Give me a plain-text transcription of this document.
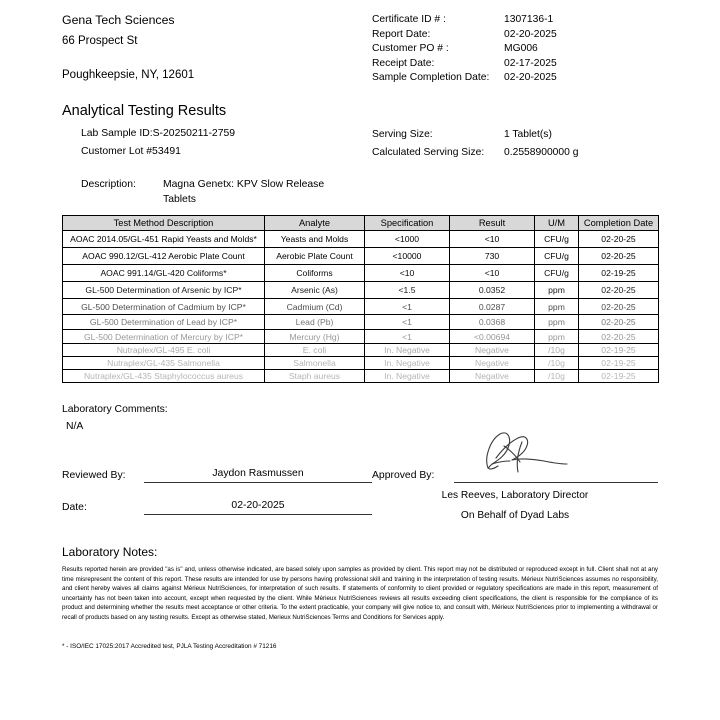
Gena Tech Sciences
66 Prospect St
Poughkeepsie, NY, 12601
Certificate ID # :	1307136-1
Report Date:	02-20-2025
Customer PO # :	MG006
Receipt Date:	02-17-2025
Sample Completion Date:	02-20-2025
Analytical Testing Results
Lab Sample ID:S-20250211-2759
Customer Lot #53491
Serving Size:	1 Tablet(s)
Calculated Serving Size:	0.2558900000 g
Description:	Magna Genetx: KPV Slow Release
Tablets
Test Method Description	Analyte	Specification	Result	U/M	Completion Date
AOAC 2014.05/GL-451 Rapid Yeasts and Molds*	Yeasts and Molds	<1000	<10	CFU/g	02-20-25
AOAC 990.12/GL-412 Aerobic Plate Count	Aerobic Plate Count	<10000	730	CFU/g	02-20-25
AOAC 991.14/GL-420 Coliforms*	Coliforms	<10	<10	CFU/g	02-19-25
GL-500 Determination of Arsenic by ICP*	Arsenic (As)	<1.5	0.0352	ppm	02-20-25
GL-500 Determination of Cadmium by ICP*	Cadmium (Cd)	<1	0.0287	ppm	02-20-25
GL-500 Determination of Lead by ICP*	Lead (Pb)	<1	0.0368	ppm	02-20-25
GL-500 Determination of Mercury by ICP*	Mercury (Hg)	<1	<0.00694	ppm	02-20-25
Nutraplex/GL-495 E. coli	E. coli	In. Negative	Negative	/10g	02-19-25
Nutraplex/GL-435 Salmonella	Salmonella	In. Negative	Negative	/10g	02-19-25
Nutraplex/GL-435 Staphylococcus aureus	Staph aureus	In. Negative	Negative	/10g	02-19-25
Laboratory Comments:
N/A
Reviewed By:	Jaydon Rasmussen
Date:	02-20-2025
Approved By:

Les Reeves, Laboratory Director
On Behalf of Dyad Labs
Laboratory Notes:
Results reported herein are provided "as is" and, unless otherwise indicated, are based solely upon samples as provided by client. This report may not be distributed or reproduced except in full. Client shall not at any time misrepresent the content of this report. These results are intended for use by persons having professional skill and training in the interpretation of testing results. Mérieux NutriSciences assumes no responsibility, and client hereby waives all claims against Mérieux NutriSciences, for interpretation of such results. If statements of conformity to client provided or regulatory specifications are made in this report, measurement of uncertainty has not been taken into account, except when requested by the client. While Mérieux NutriSciences reviews all results exceeding client specifications, the client is responsible for the compliance of its product and determining whether the results meet acceptance or other criteria. To the extent practicable, your company will give notice to, and consult with, Mérieux NutriSciences prior to implementing a withdrawal or recall of products based on any testing results. Except as otherwise stated, Merieux NutriSciences Terms and Conditions for Services apply.
* - ISO/IEC 17025:2017 Accredited test, PJLA Testing Accreditation # 71216
